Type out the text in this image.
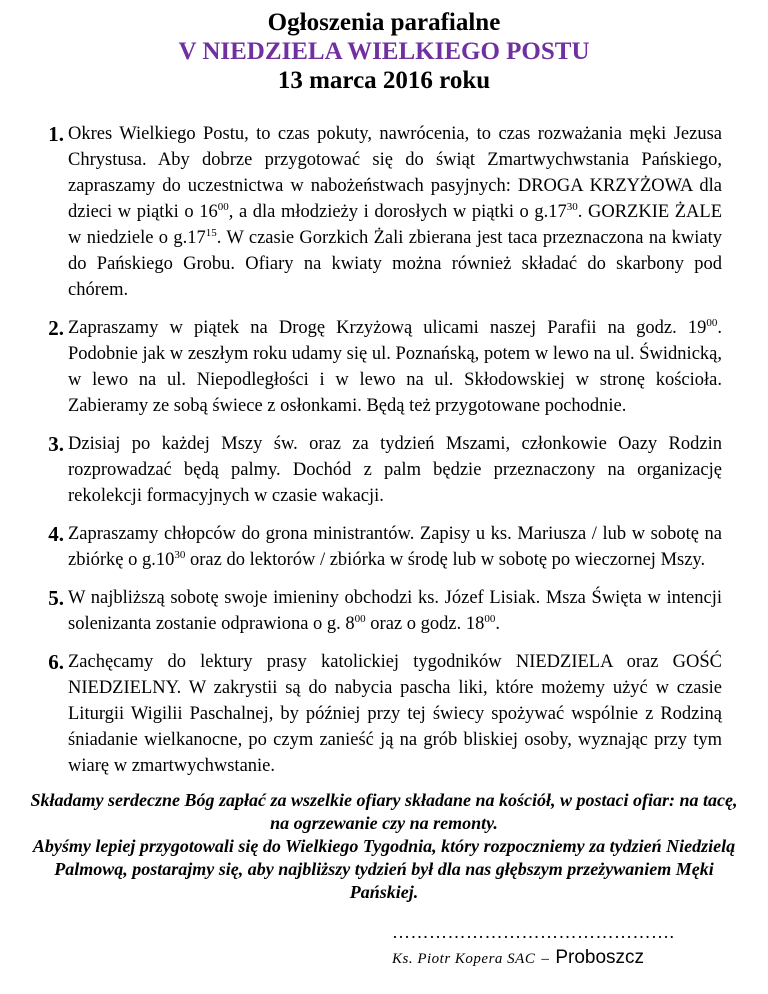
Ogłoszenia parafialne
V NIEDZIELA WIELKIEGO POSTU
13 marca 2016 roku
1. Okres Wielkiego Postu, to czas pokuty, nawrócenia, to czas rozważania męki Jezusa Chrystusa. Aby dobrze przygotować się do świąt Zmartwychwstania Pańskiego, zapraszamy do uczestnictwa w nabożeństwach pasyjnych: DROGA KRZYŻOWA dla dzieci w piątki o $16^{00}$, a dla młodzieży i dorosłych w piątki o $g.17^{30}$. GORZKIE ŻALE w niedziele o $g.17^{15}$. W czasie Gorzkich Żali zbierana jest taca przeznaczona na kwiaty do Pańskiego Grobu. Ofiary na kwiaty można również składać do skarbony pod chórem.
2. Zapraszamy w piątek na Drogę Krzyżową ulicami naszej Parafii na godz. $19^{00}$. Podobnie jak w zeszłym roku udamy się ul. Poznańską, potem w lewo na ul. Świdnicką, w lewo na ul. Niepodległości i w lewo na ul. Skłodowskiej w stronę kościoła. Zabieramy ze sobą świece z osłonkami. Będą też przygotowane pochodnie.
3. Dzisiaj po każdej Mszy św. oraz za tydzień Mszami, członkowie Oazy Rodzin rozprowadzać będą palmy. Dochód z palm będzie przeznaczony na organizację rekolekcji formacyjnych w czasie wakacji.
4. Zapraszamy chłopców do grona ministrantów. Zapisy u ks. Mariusza / lub w sobotę na zbiórkę o $g.10^{30}$ oraz do lektorów / zbiórka w środę lub w sobotę po wieczornej Mszy.
5. W najbliższą sobotę swoje imieniny obchodzi ks. Józef Lisiak. Msza Święta w intencji solenizanta zostanie odprawiona o g. $8^{00}$ oraz o godz. $18^{00}$.
6. Zachęcamy do lektury prasy katolickiej tygodników NIEDZIELA oraz GOŚĆ NIEDZIELNY. W zakrystii są do nabycia pascha liki, które możemy użyć w czasie Liturgii Wigilii Paschalnej, by później przy tej świecy spożywać wspólnie z Rodziną śniadanie wielkanocne, po czym zanieść ją na grób bliskiej osoby, wyznając przy tym wiarę w zmartwychwstanie.
Składamy serdeczne Bóg zapłać za wszelkie ofiary składane na kościół, w postaci ofiar: na tacę, na ogrzewanie czy na remonty.
Abyśmy lepiej przygotowali się do Wielkiego Tygodnia, który rozpoczniemy za tydzień Niedzielą Palmową, postarajmy się, aby najbliższy tydzień był dla nas głębszym przeżywaniem Męki Pańskiej.
……………………………………….
Ks. Piotr Kopera SAC – Proboszcz
